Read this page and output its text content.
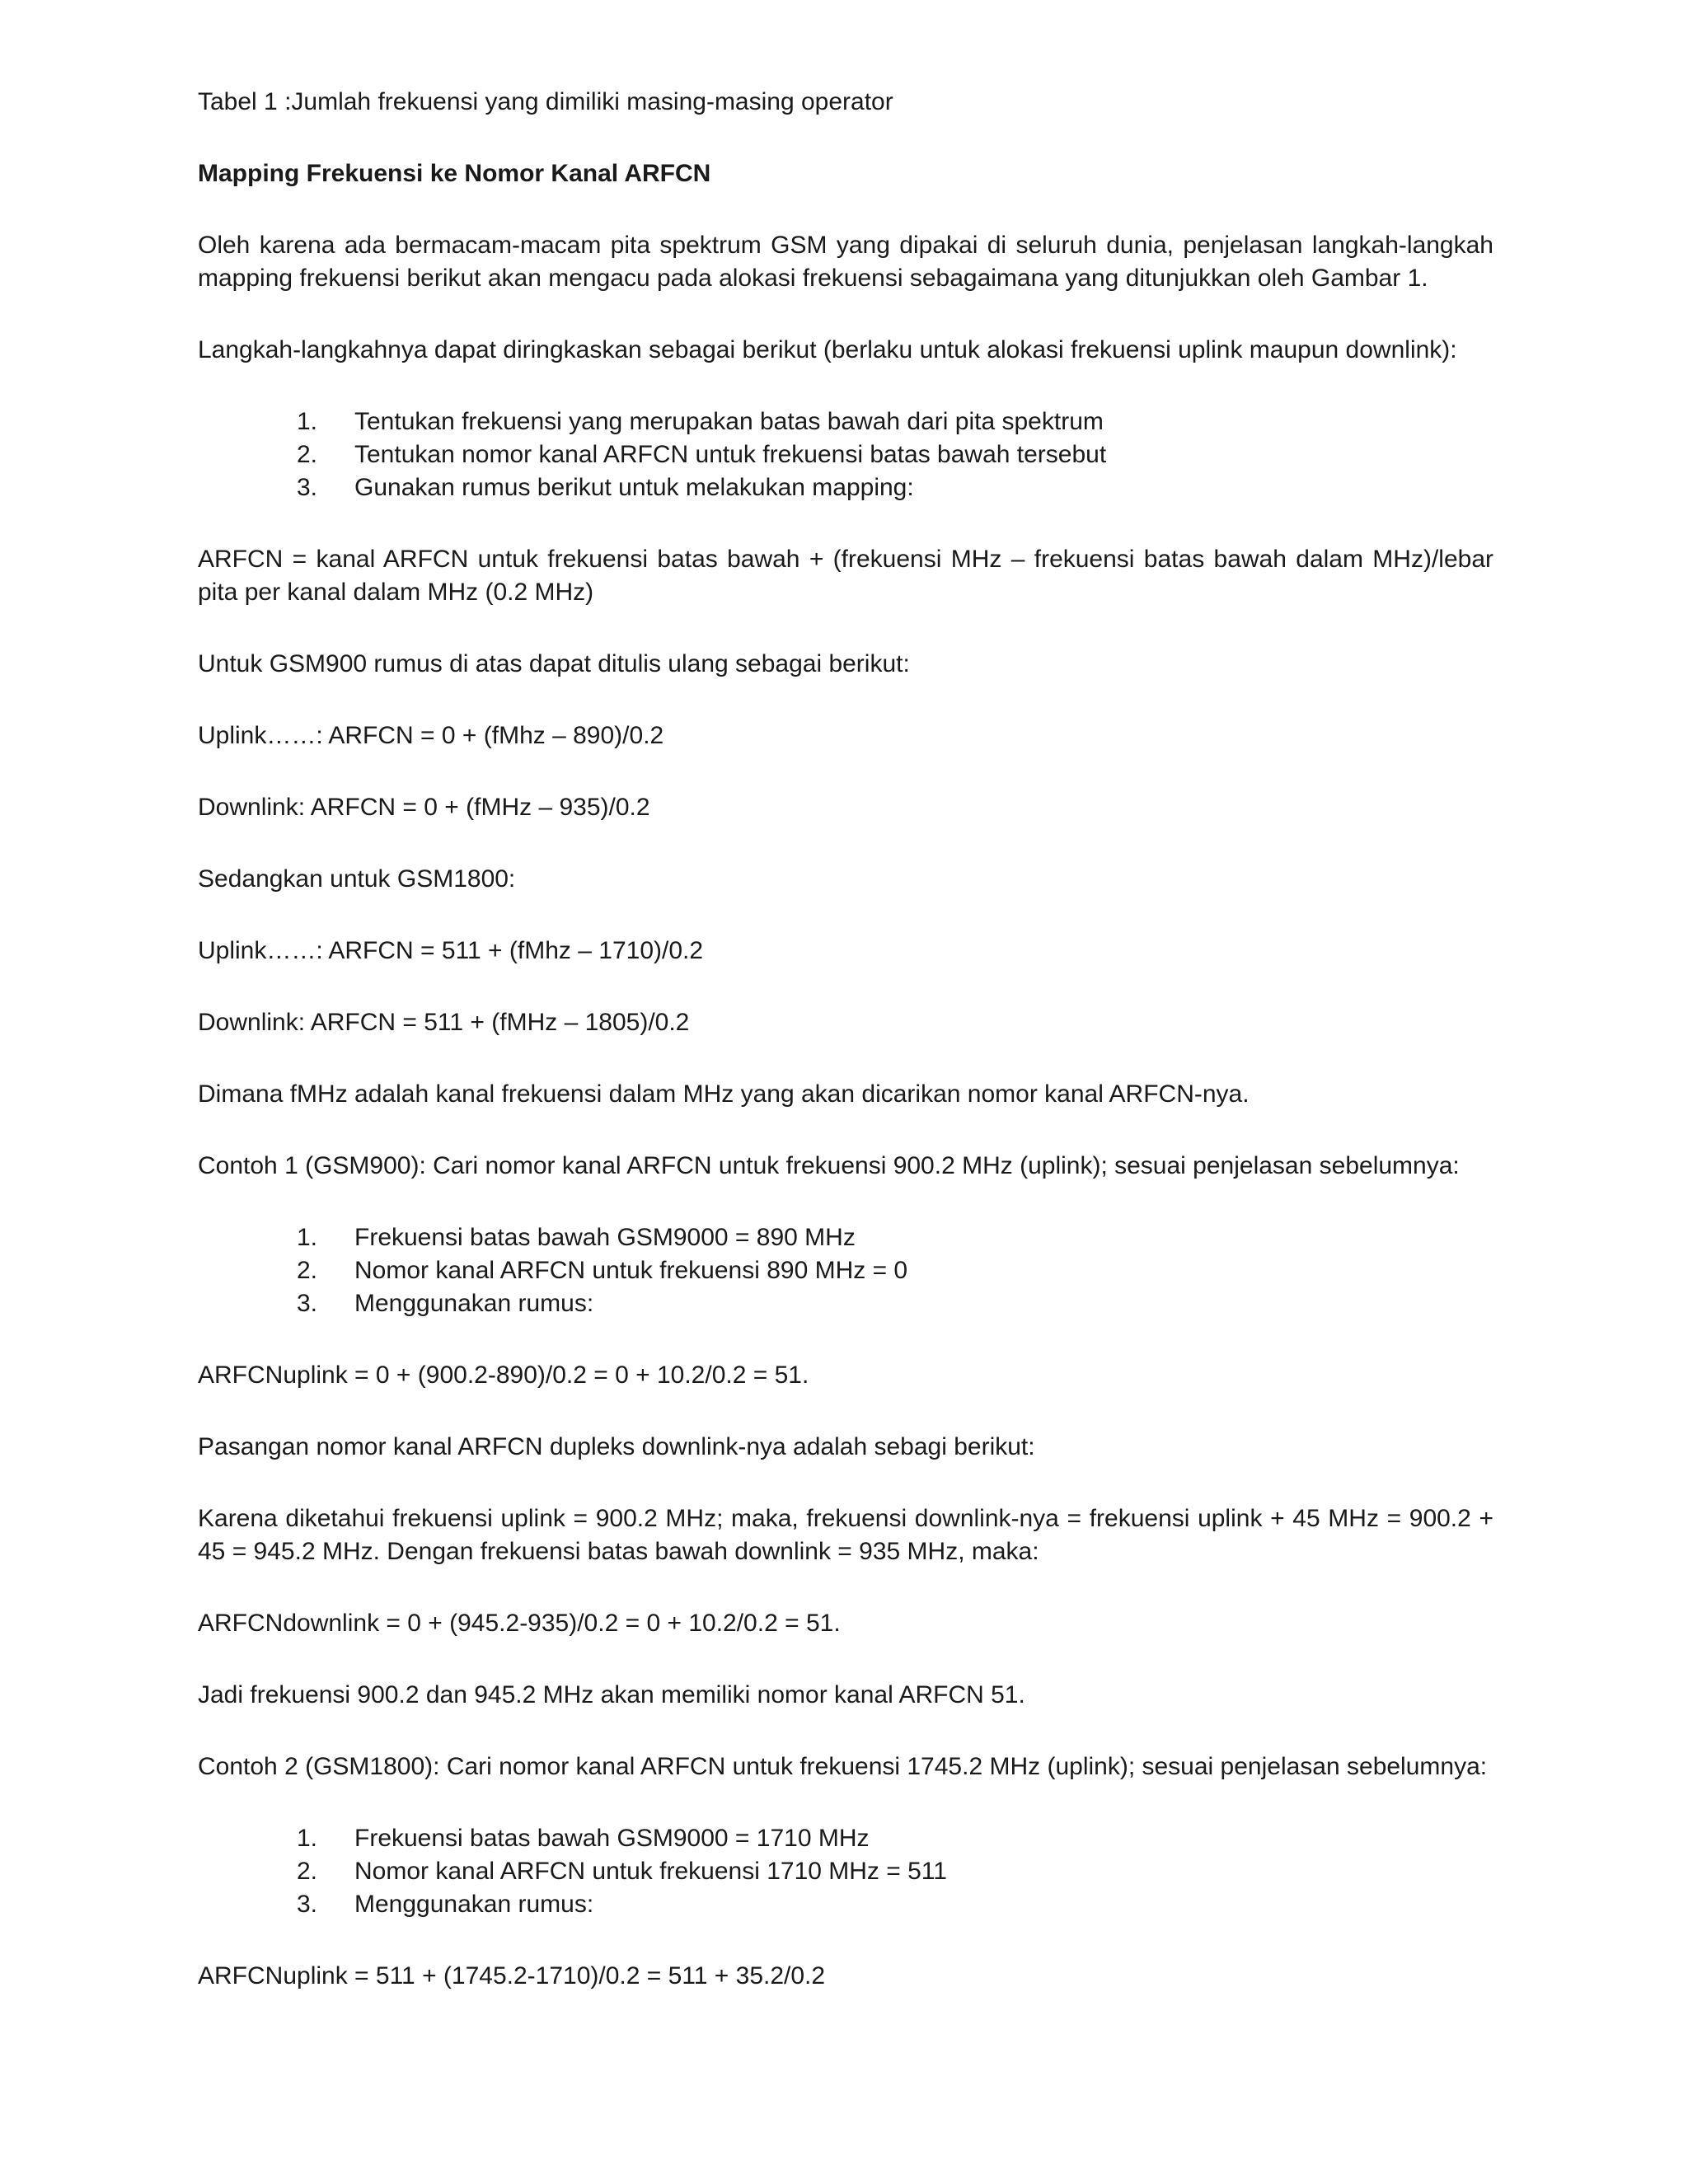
Tabel 1 :Jumlah frekuensi yang dimiliki masing-masing operator

Mapping Frekuensi ke Nomor Kanal ARFCN

Oleh karena ada bermacam-macam pita spektrum GSM yang dipakai di seluruh dunia, penjelasan langkah-langkah mapping frekuensi berikut akan mengacu pada alokasi frekuensi sebagaimana yang ditunjukkan oleh Gambar 1.

Langkah-langkahnya dapat diringkaskan sebagai berikut (berlaku untuk alokasi frekuensi uplink maupun downlink):

1.	Tentukan frekuensi yang merupakan batas bawah dari pita spektrum
2.	Tentukan nomor kanal ARFCN untuk frekuensi batas bawah tersebut
3.	Gunakan rumus berikut untuk melakukan mapping:

ARFCN = kanal ARFCN untuk frekuensi batas bawah + (frekuensi MHz – frekuensi batas bawah dalam MHz)/lebar pita per kanal dalam MHz (0.2 MHz)

Untuk GSM900 rumus di atas dapat ditulis ulang sebagai berikut:

Uplink……: ARFCN = 0 + (fMhz – 890)/0.2

Downlink: ARFCN = 0 + (fMHz – 935)/0.2

Sedangkan untuk GSM1800:

Uplink……: ARFCN = 511 + (fMhz – 1710)/0.2

Downlink: ARFCN = 511 + (fMHz – 1805)/0.2

Dimana fMHz adalah kanal frekuensi dalam MHz yang akan dicarikan nomor kanal ARFCN-nya.

Contoh 1 (GSM900): Cari nomor kanal ARFCN untuk frekuensi 900.2 MHz (uplink); sesuai penjelasan sebelumnya:

1.	Frekuensi batas bawah GSM9000 = 890 MHz
2.	Nomor kanal ARFCN untuk frekuensi 890 MHz = 0
3.	Menggunakan rumus:

ARFCNuplink = 0 + (900.2-890)/0.2 = 0 + 10.2/0.2 = 51.

Pasangan nomor kanal ARFCN dupleks downlink-nya adalah sebagi berikut:

Karena diketahui frekuensi uplink = 900.2 MHz; maka, frekuensi downlink-nya = frekuensi uplink + 45 MHz = 900.2 + 45 = 945.2 MHz. Dengan frekuensi batas bawah downlink = 935 MHz, maka:

ARFCNdownlink = 0 + (945.2-935)/0.2 = 0 + 10.2/0.2 = 51.

Jadi frekuensi 900.2 dan 945.2 MHz akan memiliki nomor kanal ARFCN 51.

Contoh 2 (GSM1800): Cari nomor kanal ARFCN untuk frekuensi 1745.2 MHz (uplink); sesuai penjelasan sebelumnya:

1.	Frekuensi batas bawah GSM9000 = 1710 MHz
2.	Nomor kanal ARFCN untuk frekuensi 1710 MHz = 511
3.	Menggunakan rumus:

ARFCNuplink = 511 + (1745.2-1710)/0.2 = 511 + 35.2/0.2
